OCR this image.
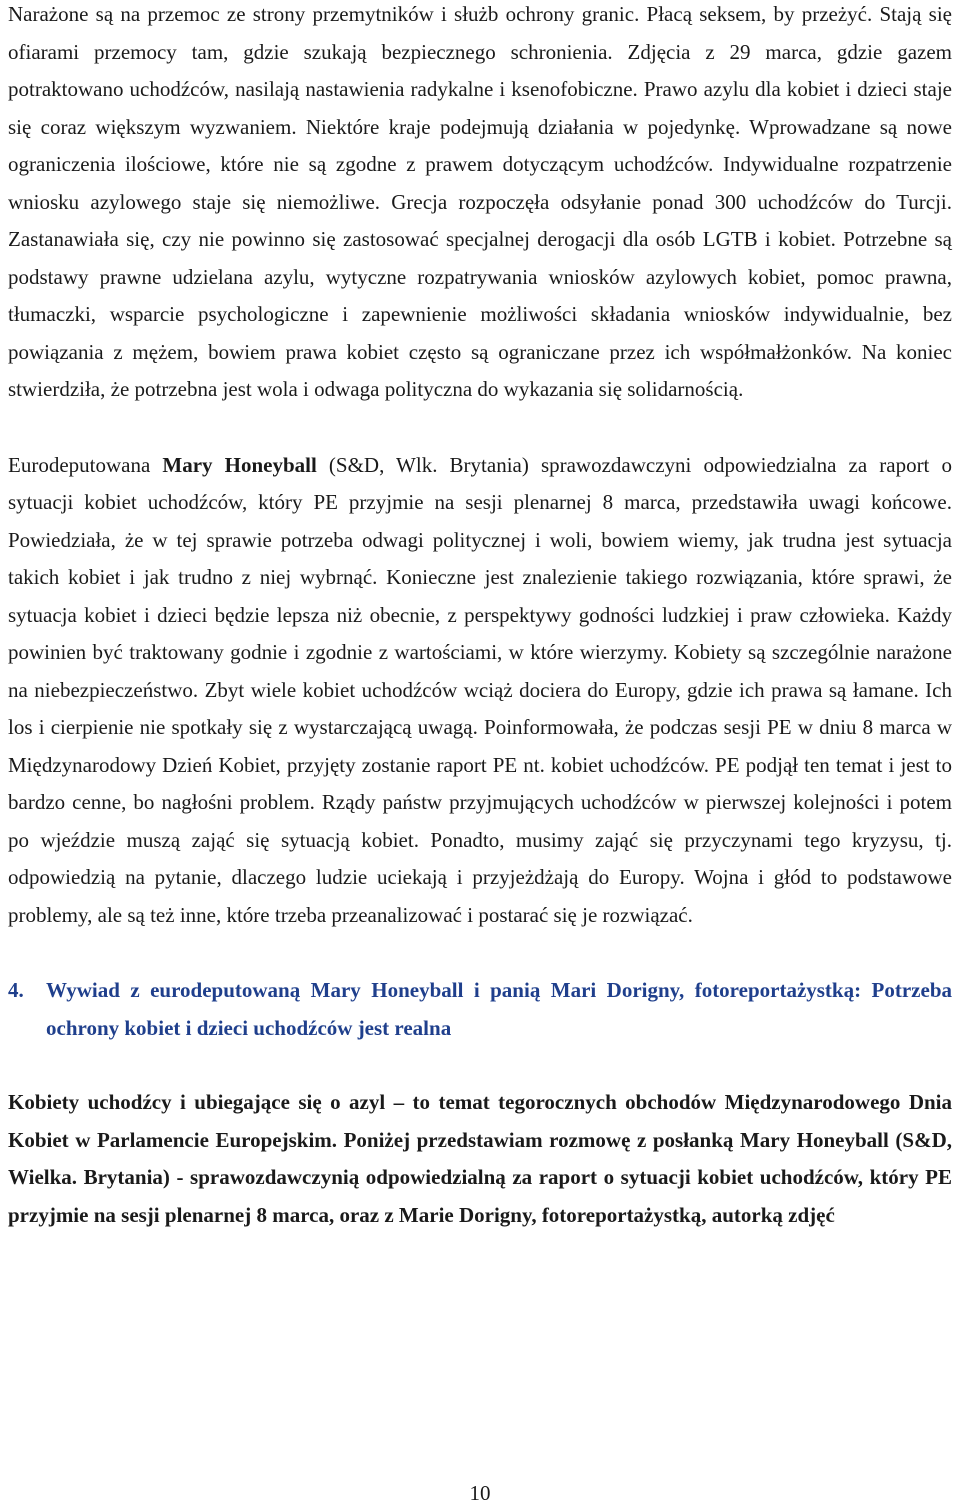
Narażone są na przemoc ze strony przemytników i służb ochrony granic. Płacą seksem, by przeżyć. Stają się ofiarami przemocy tam, gdzie szukają bezpiecznego schronienia. Zdjęcia z 29 marca, gdzie gazem potraktowano uchodźców, nasilają nastawienia radykalne i ksenofobiczne. Prawo azylu dla kobiet i dzieci staje się coraz większym wyzwaniem. Niektóre kraje podejmują działania w pojedynkę. Wprowadzane są nowe ograniczenia ilościowe, które nie są zgodne z prawem dotyczącym uchodźców. Indywidualne rozpatrzenie wniosku azylowego staje się niemożliwe. Grecja rozpoczęła odsyłanie ponad 300 uchodźców do Turcji. Zastanawiała się, czy nie powinno się zastosować specjalnej derogacji dla osób LGTB i kobiet. Potrzebne są podstawy prawne udzielana azylu, wytyczne rozpatrywania wniosków azylowych kobiet, pomoc prawna, tłumaczki, wsparcie psychologiczne i zapewnienie możliwości składania wniosków indywidualnie, bez powiązania z mężem, bowiem prawa kobiet często są ograniczane przez ich współmałżonków. Na koniec stwierdziła, że potrzebna jest wola i odwaga polityczna do wykazania się solidarnością.

Eurodeputowana Mary Honeyball (S&D, Wlk. Brytania) sprawozdawczyni odpowiedzialna za raport o sytuacji kobiet uchodźców, który PE przyjmie na sesji plenarnej 8 marca, przedstawiła uwagi końcowe. Powiedziała, że w tej sprawie potrzeba odwagi politycznej i woli, bowiem wiemy, jak trudna jest sytuacja takich kobiet i jak trudno z niej wybrnąć. Konieczne jest znalezienie takiego rozwiązania, które sprawi, że sytuacja kobiet i dzieci będzie lepsza niż obecnie, z perspektywy godności ludzkiej i praw człowieka. Każdy powinien być traktowany godnie i zgodnie z wartościami, w które wierzymy. Kobiety są szczególnie narażone na niebezpieczeństwo. Zbyt wiele kobiet uchodźców wciąż dociera do Europy, gdzie ich prawa są łamane. Ich los i cierpienie nie spotkały się z wystarczającą uwagą. Poinformowała, że podczas sesji PE w dniu 8 marca w Międzynarodowy Dzień Kobiet, przyjęty zostanie raport PE nt. kobiet uchodźców. PE podjął ten temat i jest to bardzo cenne, bo nagłośni problem. Rządy państw przyjmujących uchodźców w pierwszej kolejności i potem po wjeździe muszą zająć się sytuacją kobiet. Ponadto, musimy zająć się przyczynami tego kryzysu, tj. odpowiedzią na pytanie, dlaczego ludzie uciekają i przyjeżdżają do Europy. Wojna i głód to podstawowe problemy, ale są też inne, które trzeba przeanalizować i postarać się je rozwiązać.

4.	Wywiad z eurodeputowaną Mary Honeyball i panią Mari Dorigny, fotoreportażystką: Potrzeba ochrony kobiet i dzieci uchodźców jest realna

Kobiety uchodźcy i ubiegające się o azyl – to temat tegorocznych obchodów Międzynarodowego Dnia Kobiet w Parlamencie Europejskim. Poniżej przedstawiam rozmowę z posłanką Mary Honeyball (S&D, Wielka. Brytania) - sprawozdawczynią odpowiedzialną za raport o sytuacji kobiet uchodźców, który PE przyjmie na sesji plenarnej 8 marca, oraz z Marie Dorigny, fotoreportażystką, autorką zdjęć

10
